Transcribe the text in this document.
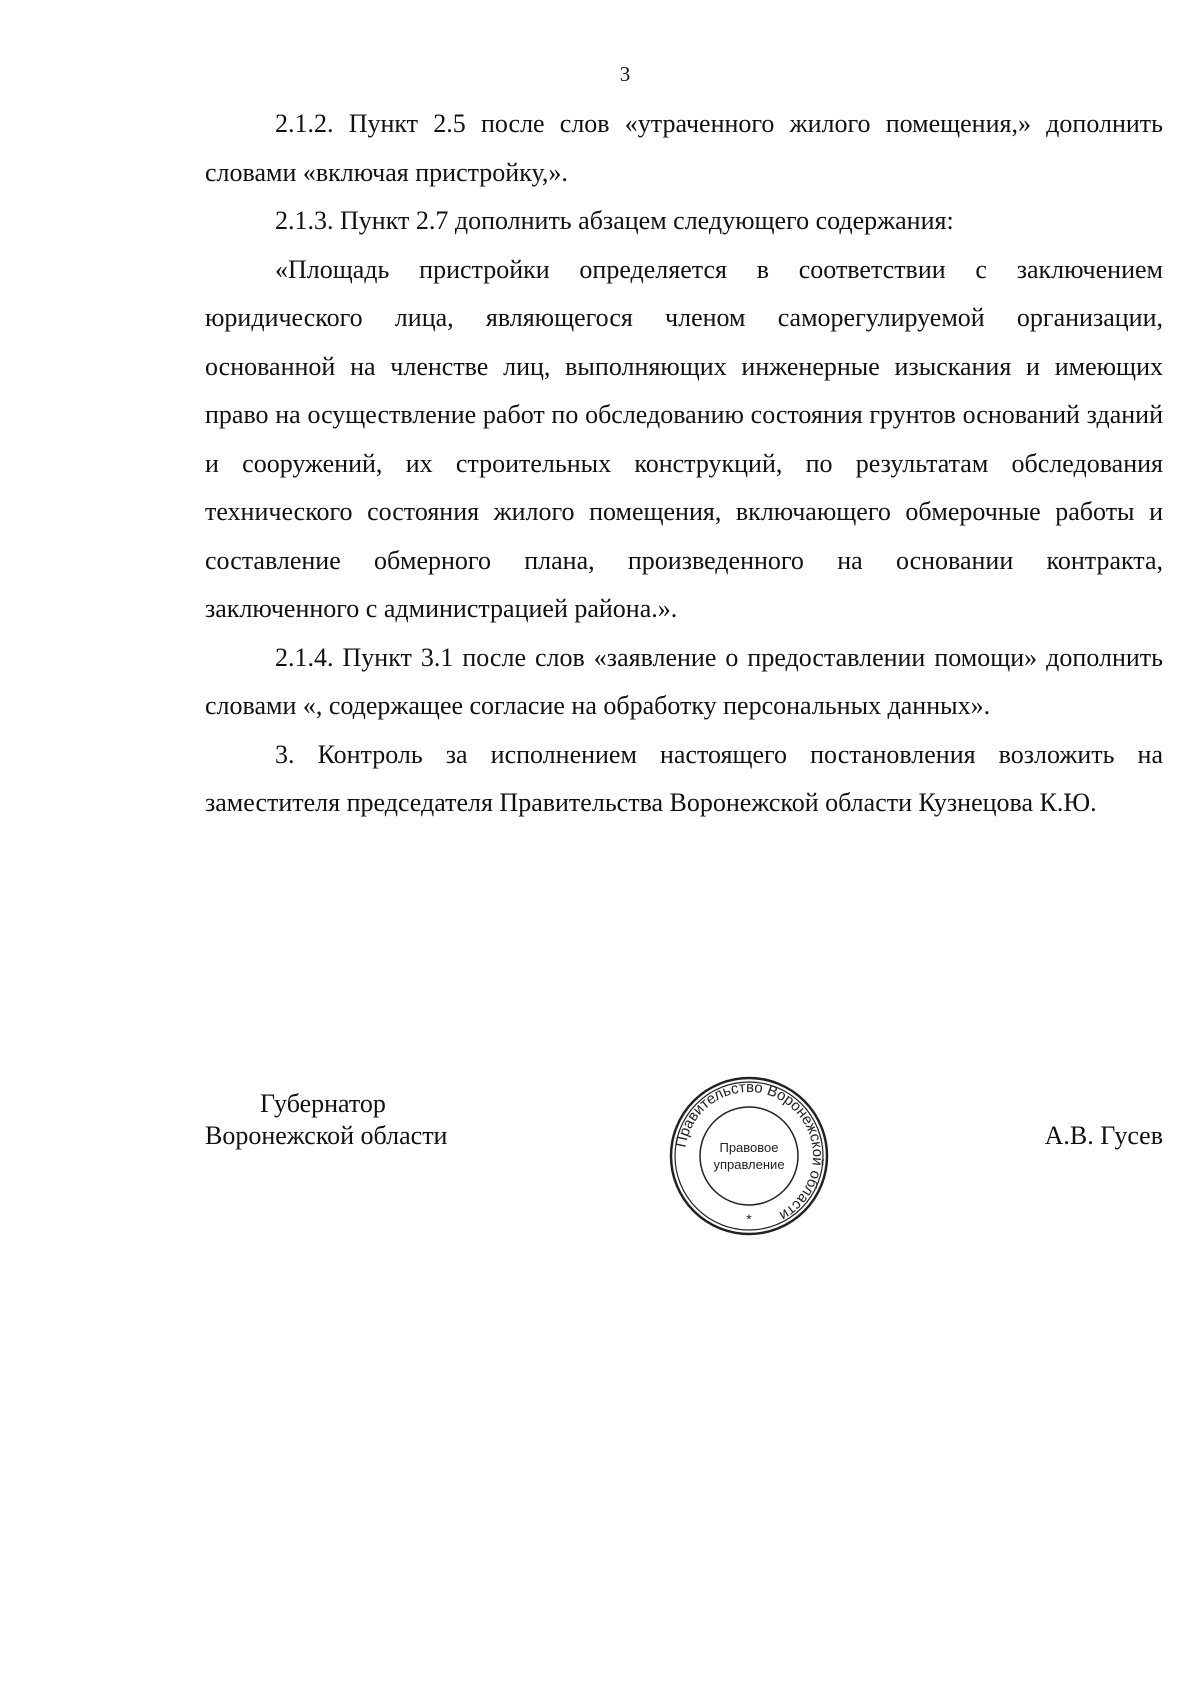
3

2.1.2. Пункт 2.5 после слов «утраченного жилого помещения,» дополнить словами «включая пристройку,».

2.1.3. Пункт 2.7 дополнить абзацем следующего содержания:

«Площадь пристройки определяется в соответствии с заключением юридического лица, являющегося членом саморегулируемой организации, основанной на членстве лиц, выполняющих инженерные изыскания и имеющих право на осуществление работ по обследованию состояния грунтов оснований зданий и сооружений, их строительных конструкций, по результатам обследования технического состояния жилого помещения, включающего обмерочные работы и составление обмерного плана, произведенного на основании контракта, заключенного с администрацией района.».

2.1.4. Пункт 3.1 после слов «заявление о предоставлении помощи» дополнить словами «, содержащее согласие на обработку персональных данных».

3. Контроль за исполнением настоящего постановления возложить на заместителя председателя Правительства Воронежской области Кузнецова К.Ю.

Губернатор
Воронежской области	Правительство Воронежской области
Правовое
управление
*
А.В. Гусев
